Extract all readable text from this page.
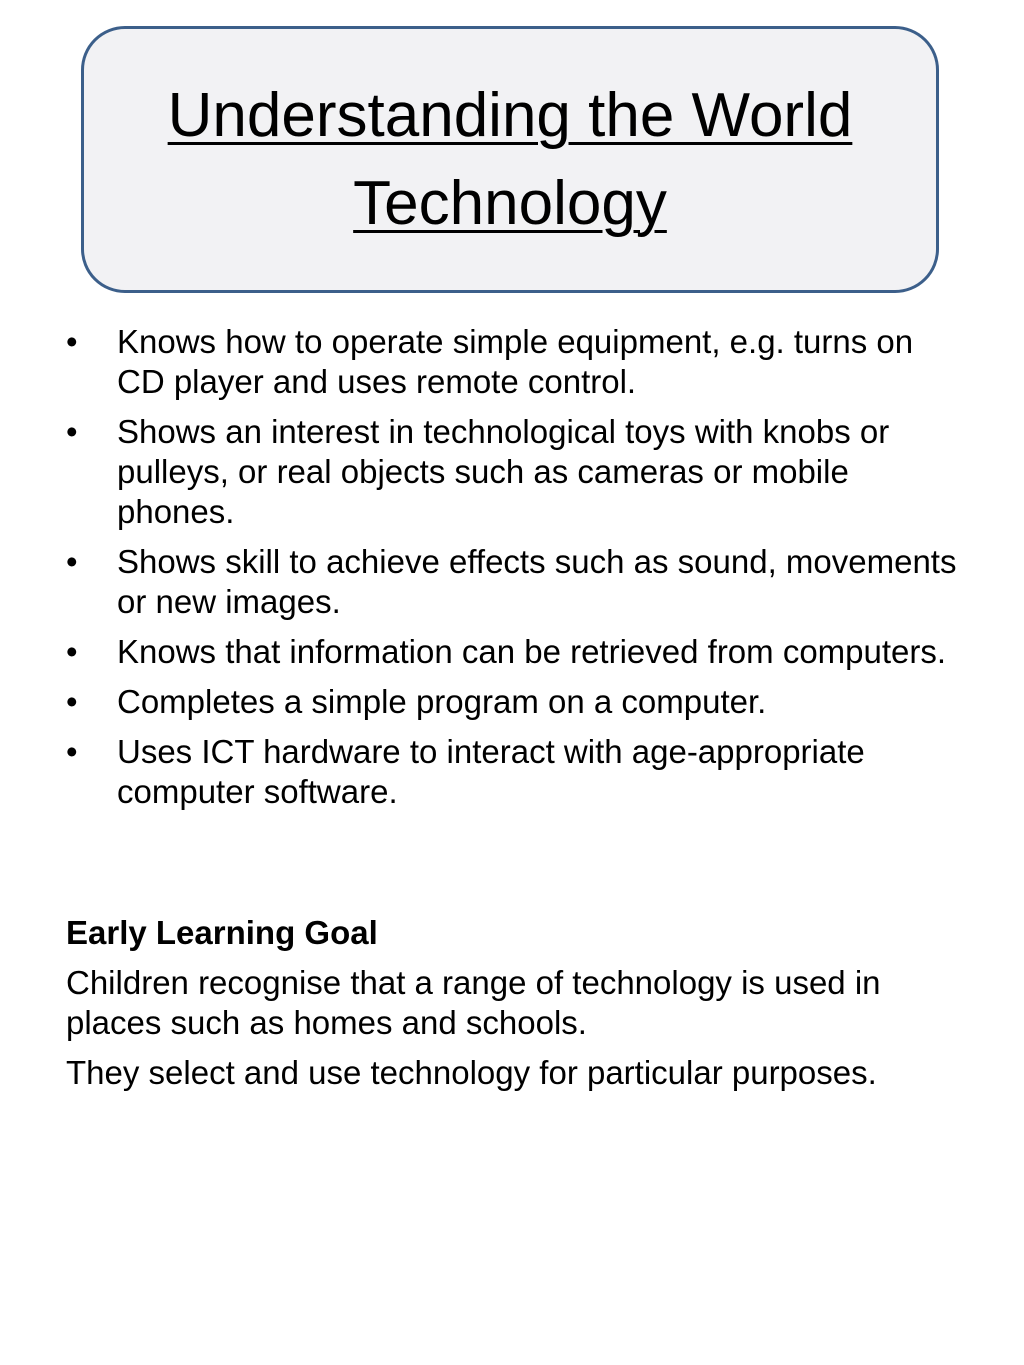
Understanding the World
Technology
• Knows how to operate simple equipment, e.g. turns on CD player and uses remote control.
• Shows an interest in technological toys with knobs or pulleys, or real objects such as cameras or mobile phones.
• Shows skill to achieve effects such as sound, movements or new images.
• Knows that information can be retrieved from computers.
• Completes a simple program on a computer.
• Uses ICT hardware to interact with age-appropriate computer software.
Early Learning Goal
Children recognise that a range of technology is used in places such as homes and schools.
They select and use technology for particular purposes.
